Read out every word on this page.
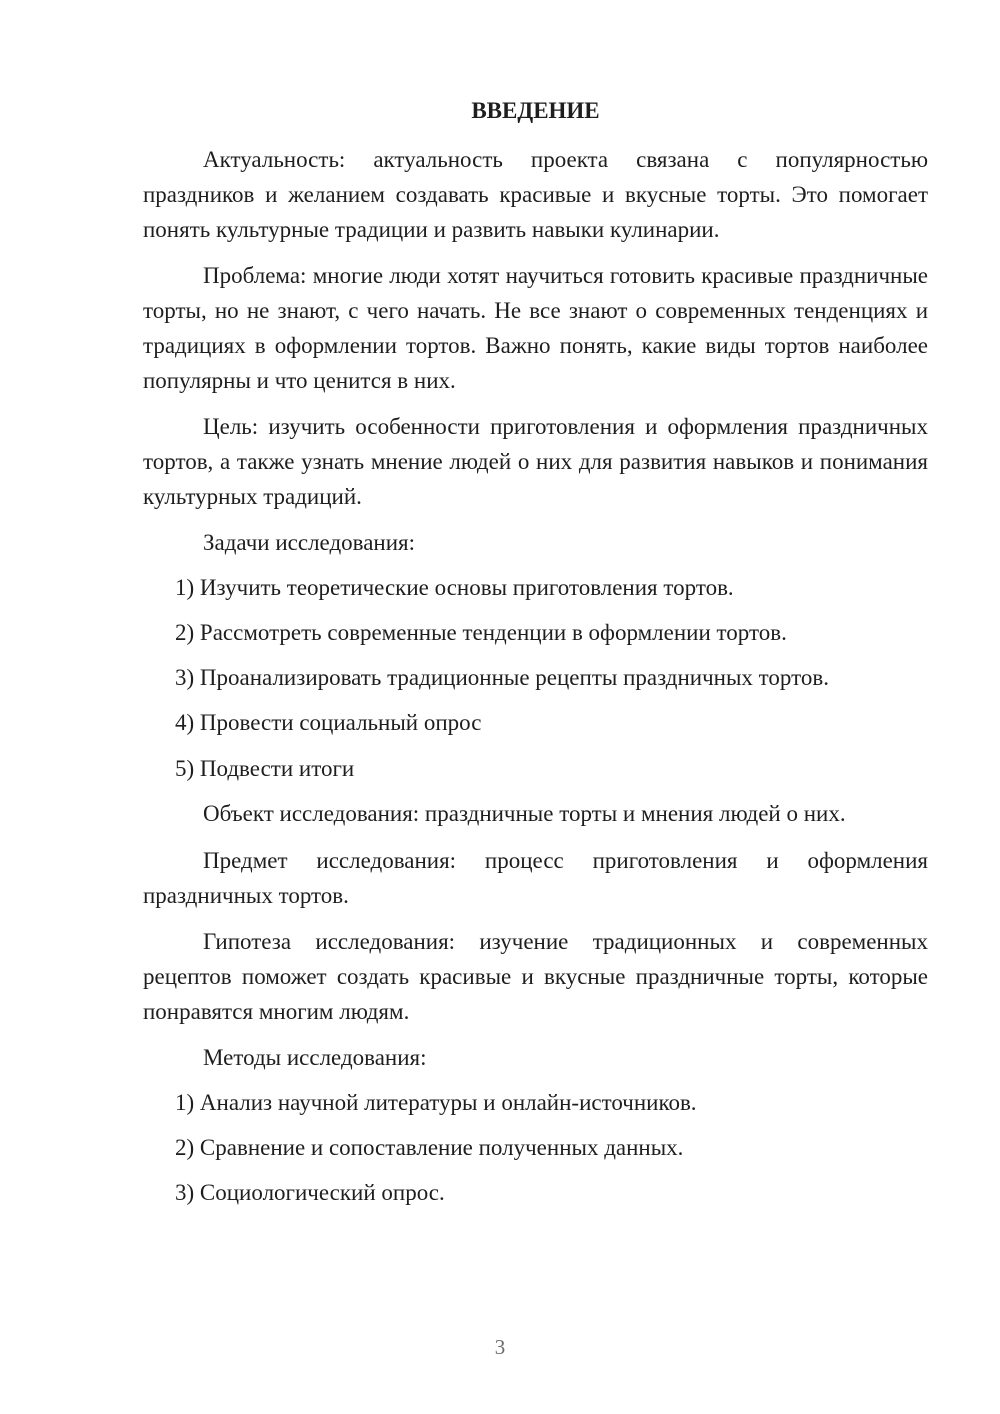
ВВЕДЕНИЕ

Актуальность: актуальность проекта связана с популярностью праздников и желанием создавать красивые и вкусные торты. Это помогает понять культурные традиции и развить навыки кулинарии.

Проблема: многие люди хотят научиться готовить красивые праздничные торты, но не знают, с чего начать. Не все знают о современных тенденциях и традициях в оформлении тортов. Важно понять, какие виды тортов наиболее популярны и что ценится в них.

Цель: изучить особенности приготовления и оформления праздничных тортов, а также узнать мнение людей о них для развития навыков и понимания культурных традиций.

Задачи исследования:

1) Изучить теоретические основы приготовления тортов.

2) Рассмотреть современные тенденции в оформлении тортов.

3) Проанализировать традиционные рецепты праздничных тортов.

4) Провести социальный опрос

5) Подвести итоги

Объект исследования: праздничные торты и мнения людей о них.

Предмет исследования: процесс приготовления и оформления праздничных тортов.

Гипотеза исследования: изучение традиционных и современных рецептов поможет создать красивые и вкусные праздничные торты, которые понравятся многим людям.

Методы исследования:

1) Анализ научной литературы и онлайн-источников.

2) Сравнение и сопоставление полученных данных.

3) Социологический опрос.

3
